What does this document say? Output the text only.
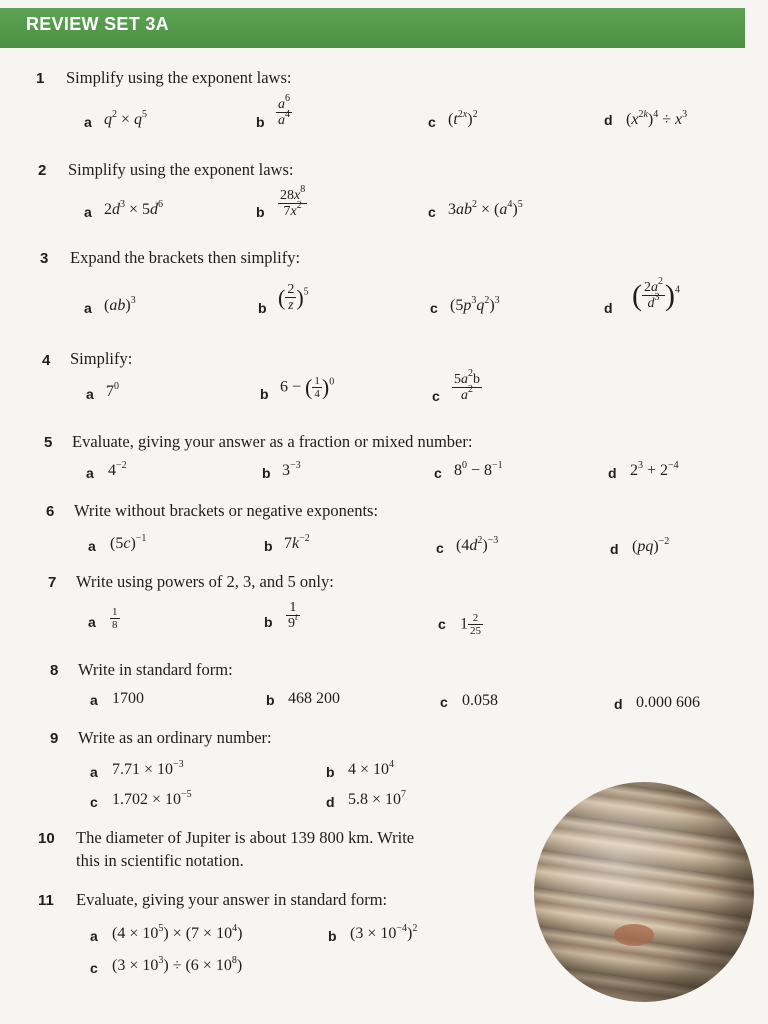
REVIEW SET 3A
1 Simplify using the exponent laws:
a $q^2 \times q^5$	b $\frac{a^6}{a^4}$	c $(t^{2x})^2$	d $(x^{2k})^4 \div x^3$
2 Simplify using the exponent laws:
a $2d^3 \times 5d^6$	b $\frac{28x^8}{7x^2}$	c $3ab^2 \times (a^4)^5$
3 Expand the brackets then simplify:
a (ab)$^3$	b ( $\frac{2}{z} )^5$
c $(5p^3q^2)^3$	d ( $\frac{2a^2}{d^3} )^4$
4 Simplify:
a $7^0$	b 6 − ( $\frac{1}{4} )^0$
c $\frac{5a^2b}{a^2}$
5 Evaluate, giving your answer as a fraction or mixed number:
a $4^{-2}$	b $3^{-3}$	c $8^0 - 8^{-1}$	d $2^3 + 2^{-4}$
6 Write without brackets or negative exponents:
a $(5c)^{-1}$	b $7k^{-2}$
c $(4d^2)^{-3}$
d (pq)$^{-2}$
7 Write using powers of 2, 3, and 5 only:
a $\frac{1}{8}$	b $\frac{1}{9^t}$	c $1 \frac{2}{25}$
8 Write in standard form:
a 1700	b 468 200	c 0.058	d 0.000 606
9 Write as an ordinary number:
a $7.71 \times 10^{-3}$	b $4 \times 10^4$
c $1.702 \times 10^{-5}$	d $5.8 \times 10^7$
10 The diameter of Jupiter is about 139 800 km. Write
this in scientific notation.
11 Evaluate, giving your answer in standard form:
a $(4 \times 10^5) \times (7 \times 10^4)$	b $(3 \times 10^{-4})^2$
c $(3 \times 10^3) \div (6 \times 10^8)$
